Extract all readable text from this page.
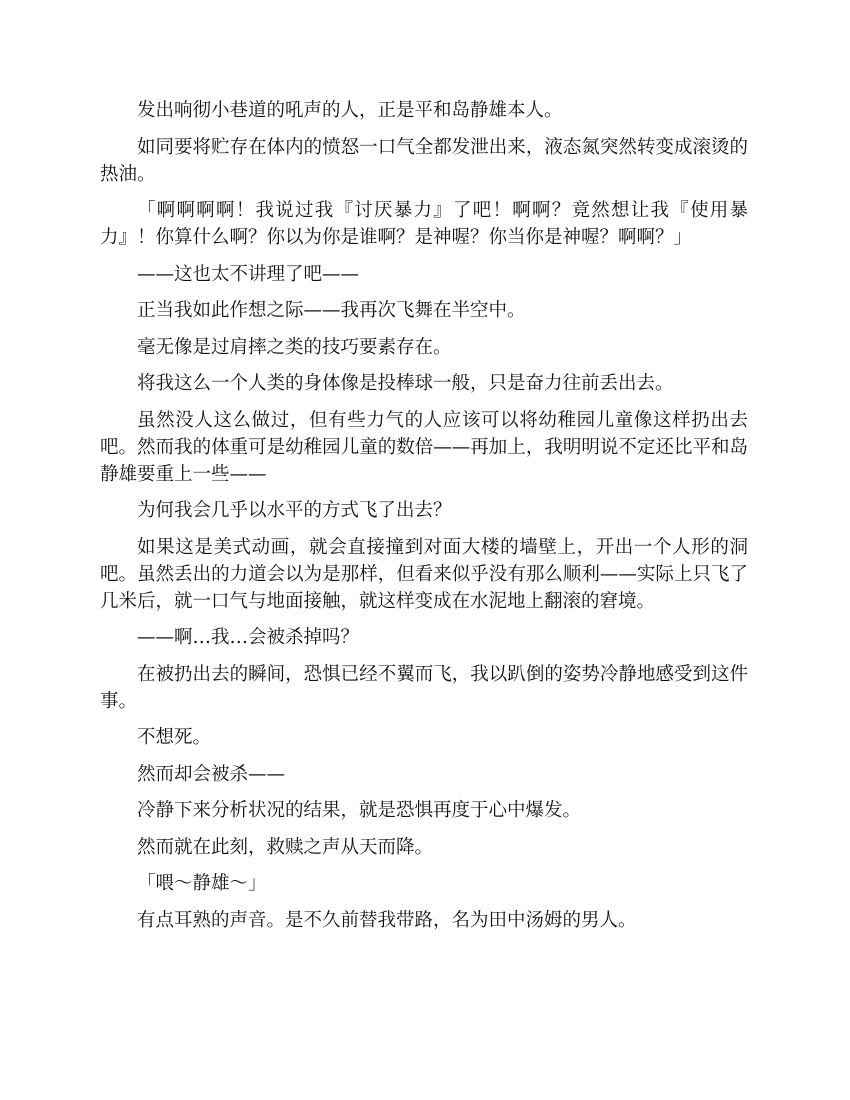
发出响彻小巷道的吼声的人，正是平和岛静雄本人。

如同要将贮存在体内的愤怒一口气全都发泄出来，液态氮突然转变成滚烫的热油。

「啊啊啊啊！我说过我『讨厌暴力』了吧！啊啊？竟然想让我『使用暴力』！你算什么啊？你以为你是谁啊？是神喔？你当你是神喔？啊啊？」

——这也太不讲理了吧——

正当我如此作想之际——我再次飞舞在半空中。

毫无像是过肩摔之类的技巧要素存在。

将我这么一个人类的身体像是投棒球一般，只是奋力往前丢出去。

虽然没人这么做过，但有些力气的人应该可以将幼稚园儿童像这样扔出去吧。然而我的体重可是幼稚园儿童的数倍——再加上，我明明说不定还比平和岛静雄要重上一些——

为何我会几乎以水平的方式飞了出去？

如果这是美式动画，就会直接撞到对面大楼的墙壁上，开出一个人形的洞吧。虽然丢出的力道会以为是那样，但看来似乎没有那么顺利——实际上只飞了几米后，就一口气与地面接触，就这样变成在水泥地上翻滚的窘境。

——啊…我…会被杀掉吗？

在被扔出去的瞬间，恐惧已经不翼而飞，我以趴倒的姿势冷静地感受到这件事。

不想死。

然而却会被杀——

冷静下来分析状况的结果，就是恐惧再度于心中爆发。

然而就在此刻，救赎之声从天而降。

「喂～静雄～」

有点耳熟的声音。是不久前替我带路，名为田中汤姆的男人。
